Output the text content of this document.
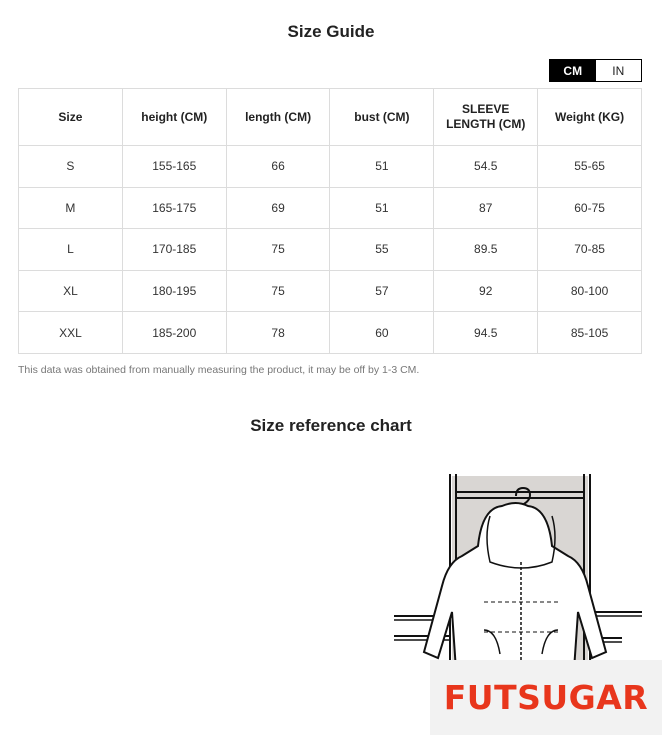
Size Guide
CM	IN
Size	height (CM)	length (CM)	bust (CM)	SLEEVE LENGTH (CM)	Weight (KG)
S	155-165	66	51	54.5	55-65
M	165-175	69	51	87	60-75
L	170-185	75	55	89.5	70-85
XL	180-195	75	57	92	80-100
XXL	185-200	78	60	94.5	85-105
This data was obtained from manually measuring the product, it may be off by 1-3 CM.
Size reference chart
FUTSUGAR
